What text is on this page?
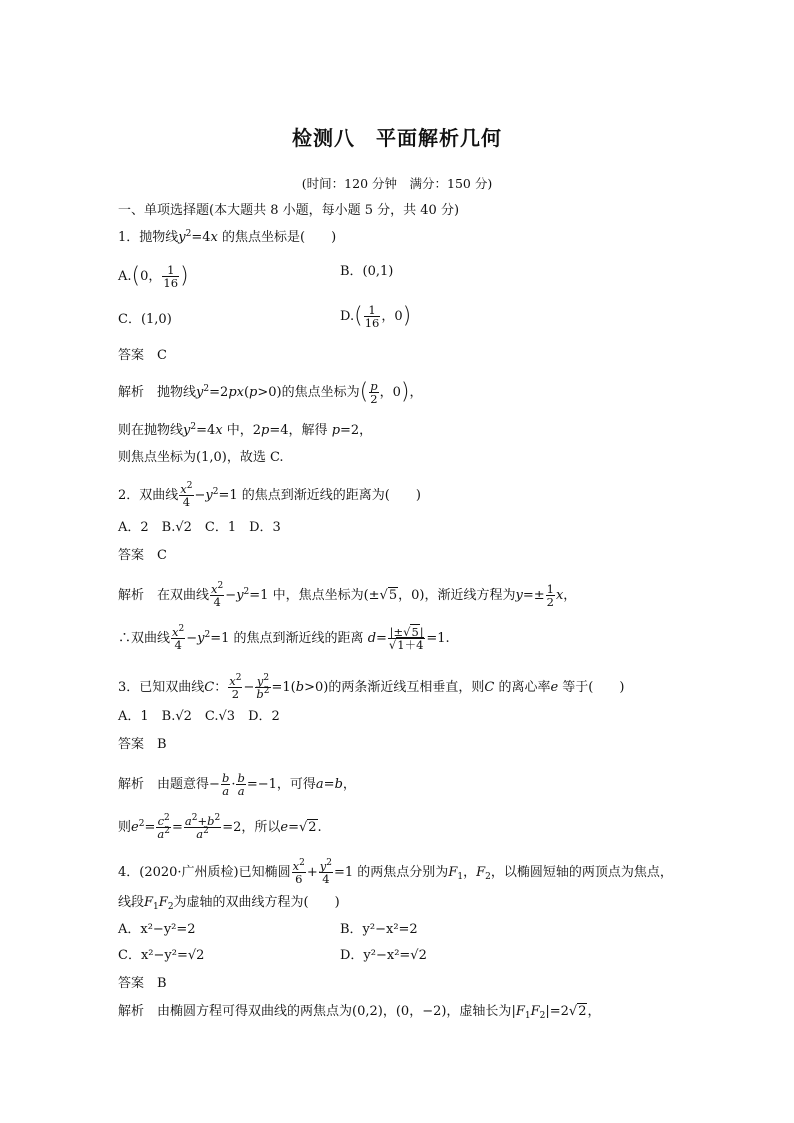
检测八　平面解析几何
(时间：120 分钟　满分：150 分)
一、单项选择题(本大题共 8 小题，每小题 5 分，共 40 分)
1．抛物线$y^2=4x$ 的焦点坐标是(　　)
A.(0， $\frac{1}{16}$ )	B．(0,1)
C．(1,0)	$D.( \frac{1}{16}$ ，0)
答案　 C
解析　 抛物线$y^2=2px(p>0)$的焦点坐标为( $\frac{p}{2}$ ，0)，
则在抛物线$y^2=4x$ 中，2p=4，解得 p=2，
则焦点坐标为(1,0)，故选 C.
2．双曲线 $\frac{x^2}{4} -y^2=1$ 的焦点到渐近线的距离为(　　)
A．2　B.√2　C．1　D．3
答案　 C
解析　 在双曲线 $\frac{x^2}{4} -y^2=1$ 中，焦点坐标为(±√5，0)，渐近线方程为$y=\pm \frac{1}{2}$ x，
∴双曲线 $\frac{x^2}{4} -y^2=1$ 的焦点到渐近线的距离 $d= \frac{|\pm√5|}{√1+4} =1$.
3．已知双曲线C： $\frac{x^2}{2} - \frac{y^2}{b^2} =1(b>0)$的两条渐近线互相垂直，则C 的离心率e 等于(　　)
A．1　B.√2　C.√3　D．2
答案　 B
解析　 由题意得− $\frac{b}{a} \cdot \frac{b}{a} =-1$，可得a=b，
则$e^2= \frac{c^2}{a^2} = \frac{a^2+b^2}{a^2} =2$，所以e=√2.
4．(2020·广州质检)已知椭圆 $\frac{x^2}{6} + \frac{y^2}{4} =1$ 的两焦点分别为$F_1$，$F_2$，以椭圆短轴的两顶点为焦点，
线段$F_1F_2$为虚轴的双曲线方程为(　　)
A．x²−y²=2	B．y²−x²=2
C．x²−y²=√2	D．y²−x²=√2
答案　 B
解析　 由椭圆方程可得双曲线的两焦点为(0,2)，(0，−2)，虚轴长为$|F_1F_2|=2√2$，
